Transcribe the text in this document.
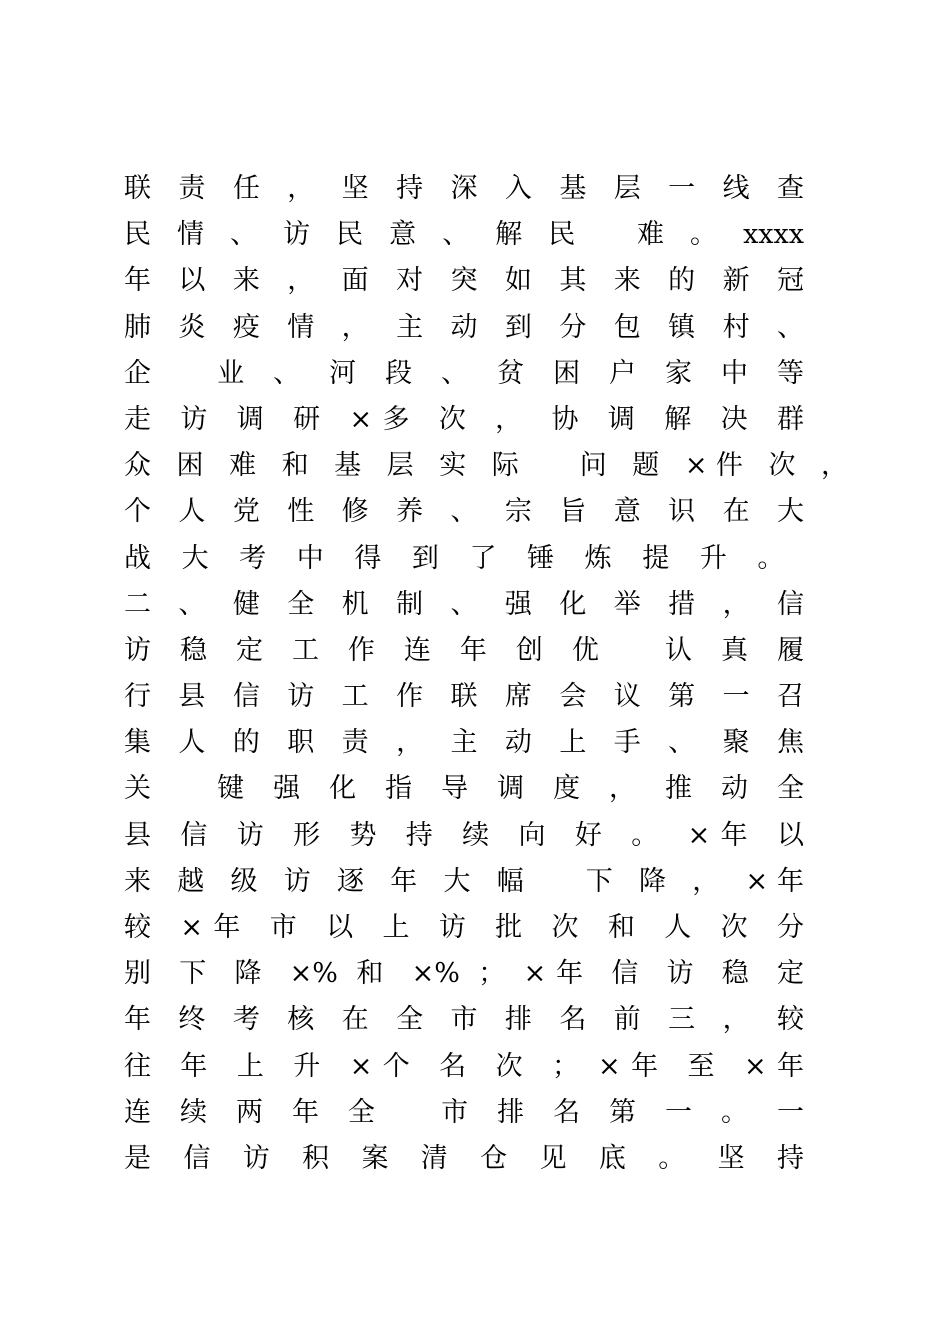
联 责 任 ， 坚 持 深 入 基 层 一 线 查
民 情 、 访 民 意 、 解 民 　难 。 xxxx
年 以 来 ， 面 对 突 如 其 来 的 新 冠
肺 炎 疫 情 ， 主 动 到 分 包 镇 村 、
企 　业 、 河 段 、 贫 困 户 家 中 等
走 访 调 研 ×多 次 ， 协 调 解 决 群
众 困 难 和 基 层 实 际 　问 题 ×件 次 ，
个 人 党 性 修 养 、 宗 旨 意 识 在 大
战 大 考 中 得 到 了 锤 炼 提 升 。
二 、 健 全 机 制 、 强 化 举 措 ， 信
访 稳 定 工 作 连 年 创 优 　认 真 履
行 县 信 访 工 作 联 席 会 议 第 一 召
集 人 的 职 责 ， 主 动 上 手 、 聚 焦
关 　键 强 化 指 导 调 度 ， 推 动 全
县 信 访 形 势 持 续 向 好 。 ×年 以
来 越 级 访 逐 年 大 幅 　下 降 ， ×年
较 ×年 市 以 上 访 批 次 和 人 次 分
别 下 降 ×% 和 ×% ； ×年 信 访 稳 定
年 终 考 核 在 全 市 排 名 前 三 ， 较
往 年 上 升 ×个 名 次 ； ×年 至 ×年
连 续 两 年 全 　市 排 名 第 一 。 一
是 信 访 积 案 清 仓 见 底 。 坚 持
